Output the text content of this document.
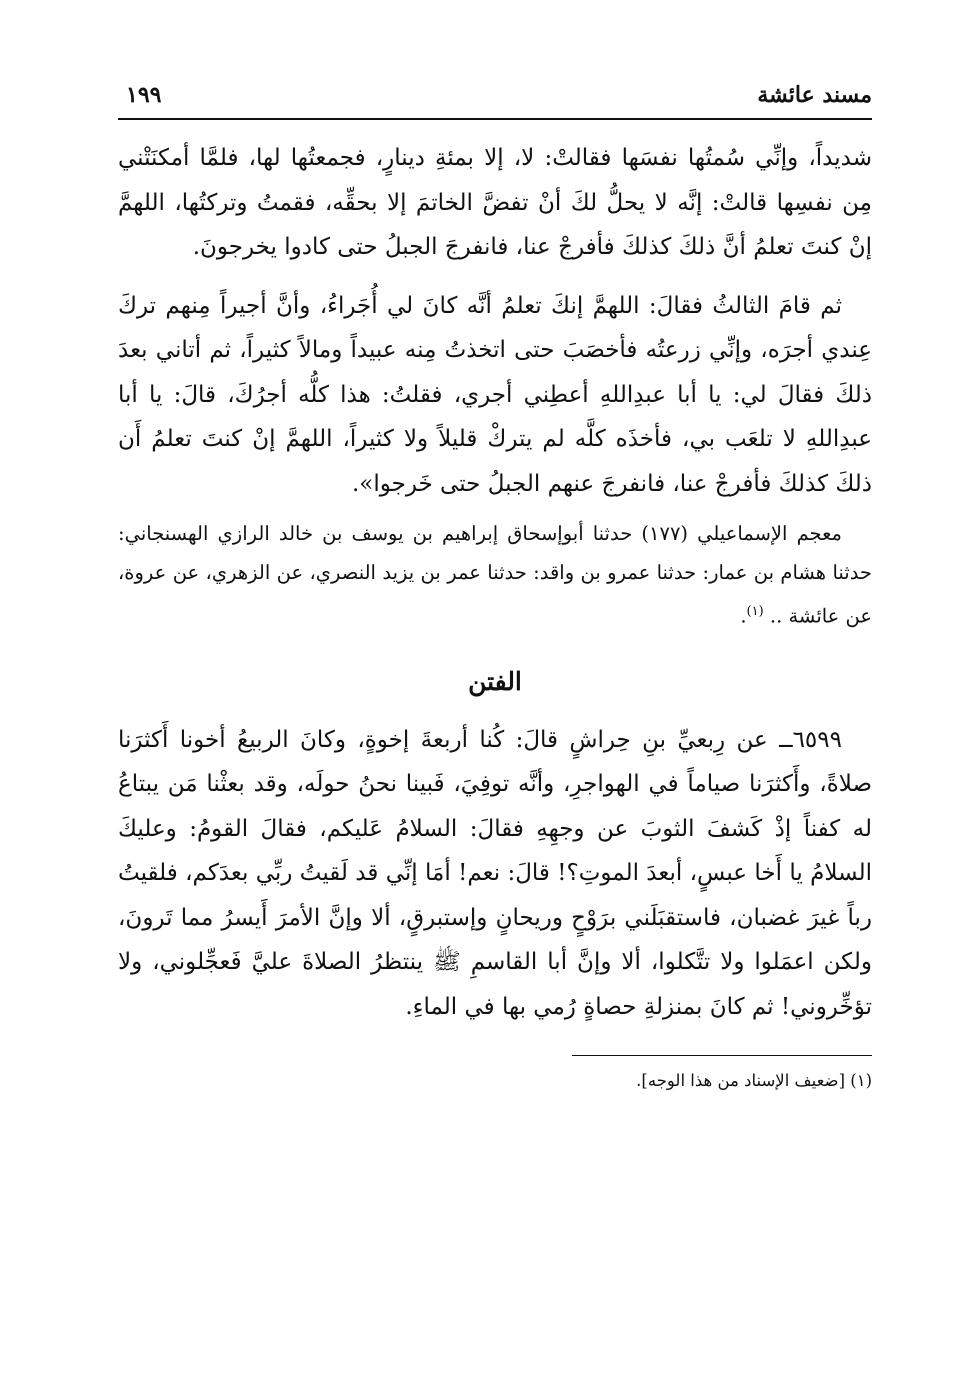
مسند عائشة
١٩٩

شديداً، وإنِّي سُمتُها نفسَها فقالتْ: لا، إلا بمئةِ دينارٍ، فجمعتُها لها، فلمَّا أمكنَتْني مِن نفسِها قالتْ: إنَّه لا يحلُّ لكَ أنْ تفضَّ الخاتمَ إلا بحقِّه، فقمتُ وتركتُها، اللهمَّ إنْ كنتَ تعلمُ أنَّ ذلكَ كذلكَ فأفرجْ عنا، فانفرجَ الجبلُ حتى كادوا يخرجونَ.

ثم قامَ الثالثُ فقالَ: اللهمَّ إنكَ تعلمُ أنَّه كانَ لي أُجَراءُ، وأنَّ أجيراً مِنهم تركَ عِندي أجرَه، وإنِّي زرعتُه فأخصَبَ حتى اتخذتُ مِنه عبيداً ومالاً كثيراً، ثم أتاني بعدَ ذلكَ فقالَ لي: يا أبا عبدِاللهِ أعطِني أجري، فقلتُ: هذا كلُّه أجرُكَ، قالَ: يا أبا عبدِاللهِ لا تلعَب بي، فأخذَه كلَّه لم يتركْ قليلاً ولا كثيراً، اللهمَّ إنْ كنتَ تعلمُ أَن ذلكَ كذلكَ فأفرجْ عنا، فانفرجَ عنهم الجبلُ حتى خَرجوا».

معجم الإسماعيلي (١٧٧) حدثنا أبوإسحاق إبراهيم بن يوسف بن خالد الرازي الهسنجاني: حدثنا هشام بن عمار: حدثنا عمرو بن واقد: حدثنا عمر بن يزيد النصري، عن الزهري، عن عروة، عن عائشة .. $^{(١)}$.

الفتن

٦٥٩٩ــ عن رِبعيِّ بنِ حِراشٍ قالَ: كُنا أربعةَ إخوةٍ، وكانَ الربيعُ أخونا أَكثرَنا صلاةً، وأَكثرَنا صياماً في الهواجرِ، وأنَّه توفِيَ، فَبينا نحنُ حولَه، وقد بعثْنا مَن يبتاعُ له كفناً إذْ كَشفَ الثوبَ عن وجهِهِ فقالَ: السلامُ عَليكم، فقالَ القومُ: وعليكَ السلامُ يا أَخا عبسٍ، أبعدَ الموتِ؟! قالَ: نعم! أمَا إنِّي قد لَقيتُ ربِّي بعدَكم، فلقيتُ رباً غيرَ غضبان، فاستقبَلَني برَوْحٍ وريحانٍ وإستبرقٍ، ألا وإنَّ الأمرَ أَيسرُ مما تَرونَ، ولكن اعمَلوا ولا تتَّكلوا، ألا وإنَّ أبا القاسمِ ﷺ ينتظرُ الصلاةَ عليَّ فَعجِّلوني، ولا تؤخِّروني! ثم كانَ بمنزلةِ حصاةٍ رُمي بها في الماءِ.

(١) [ضعيف الإسناد من هذا الوجه].
